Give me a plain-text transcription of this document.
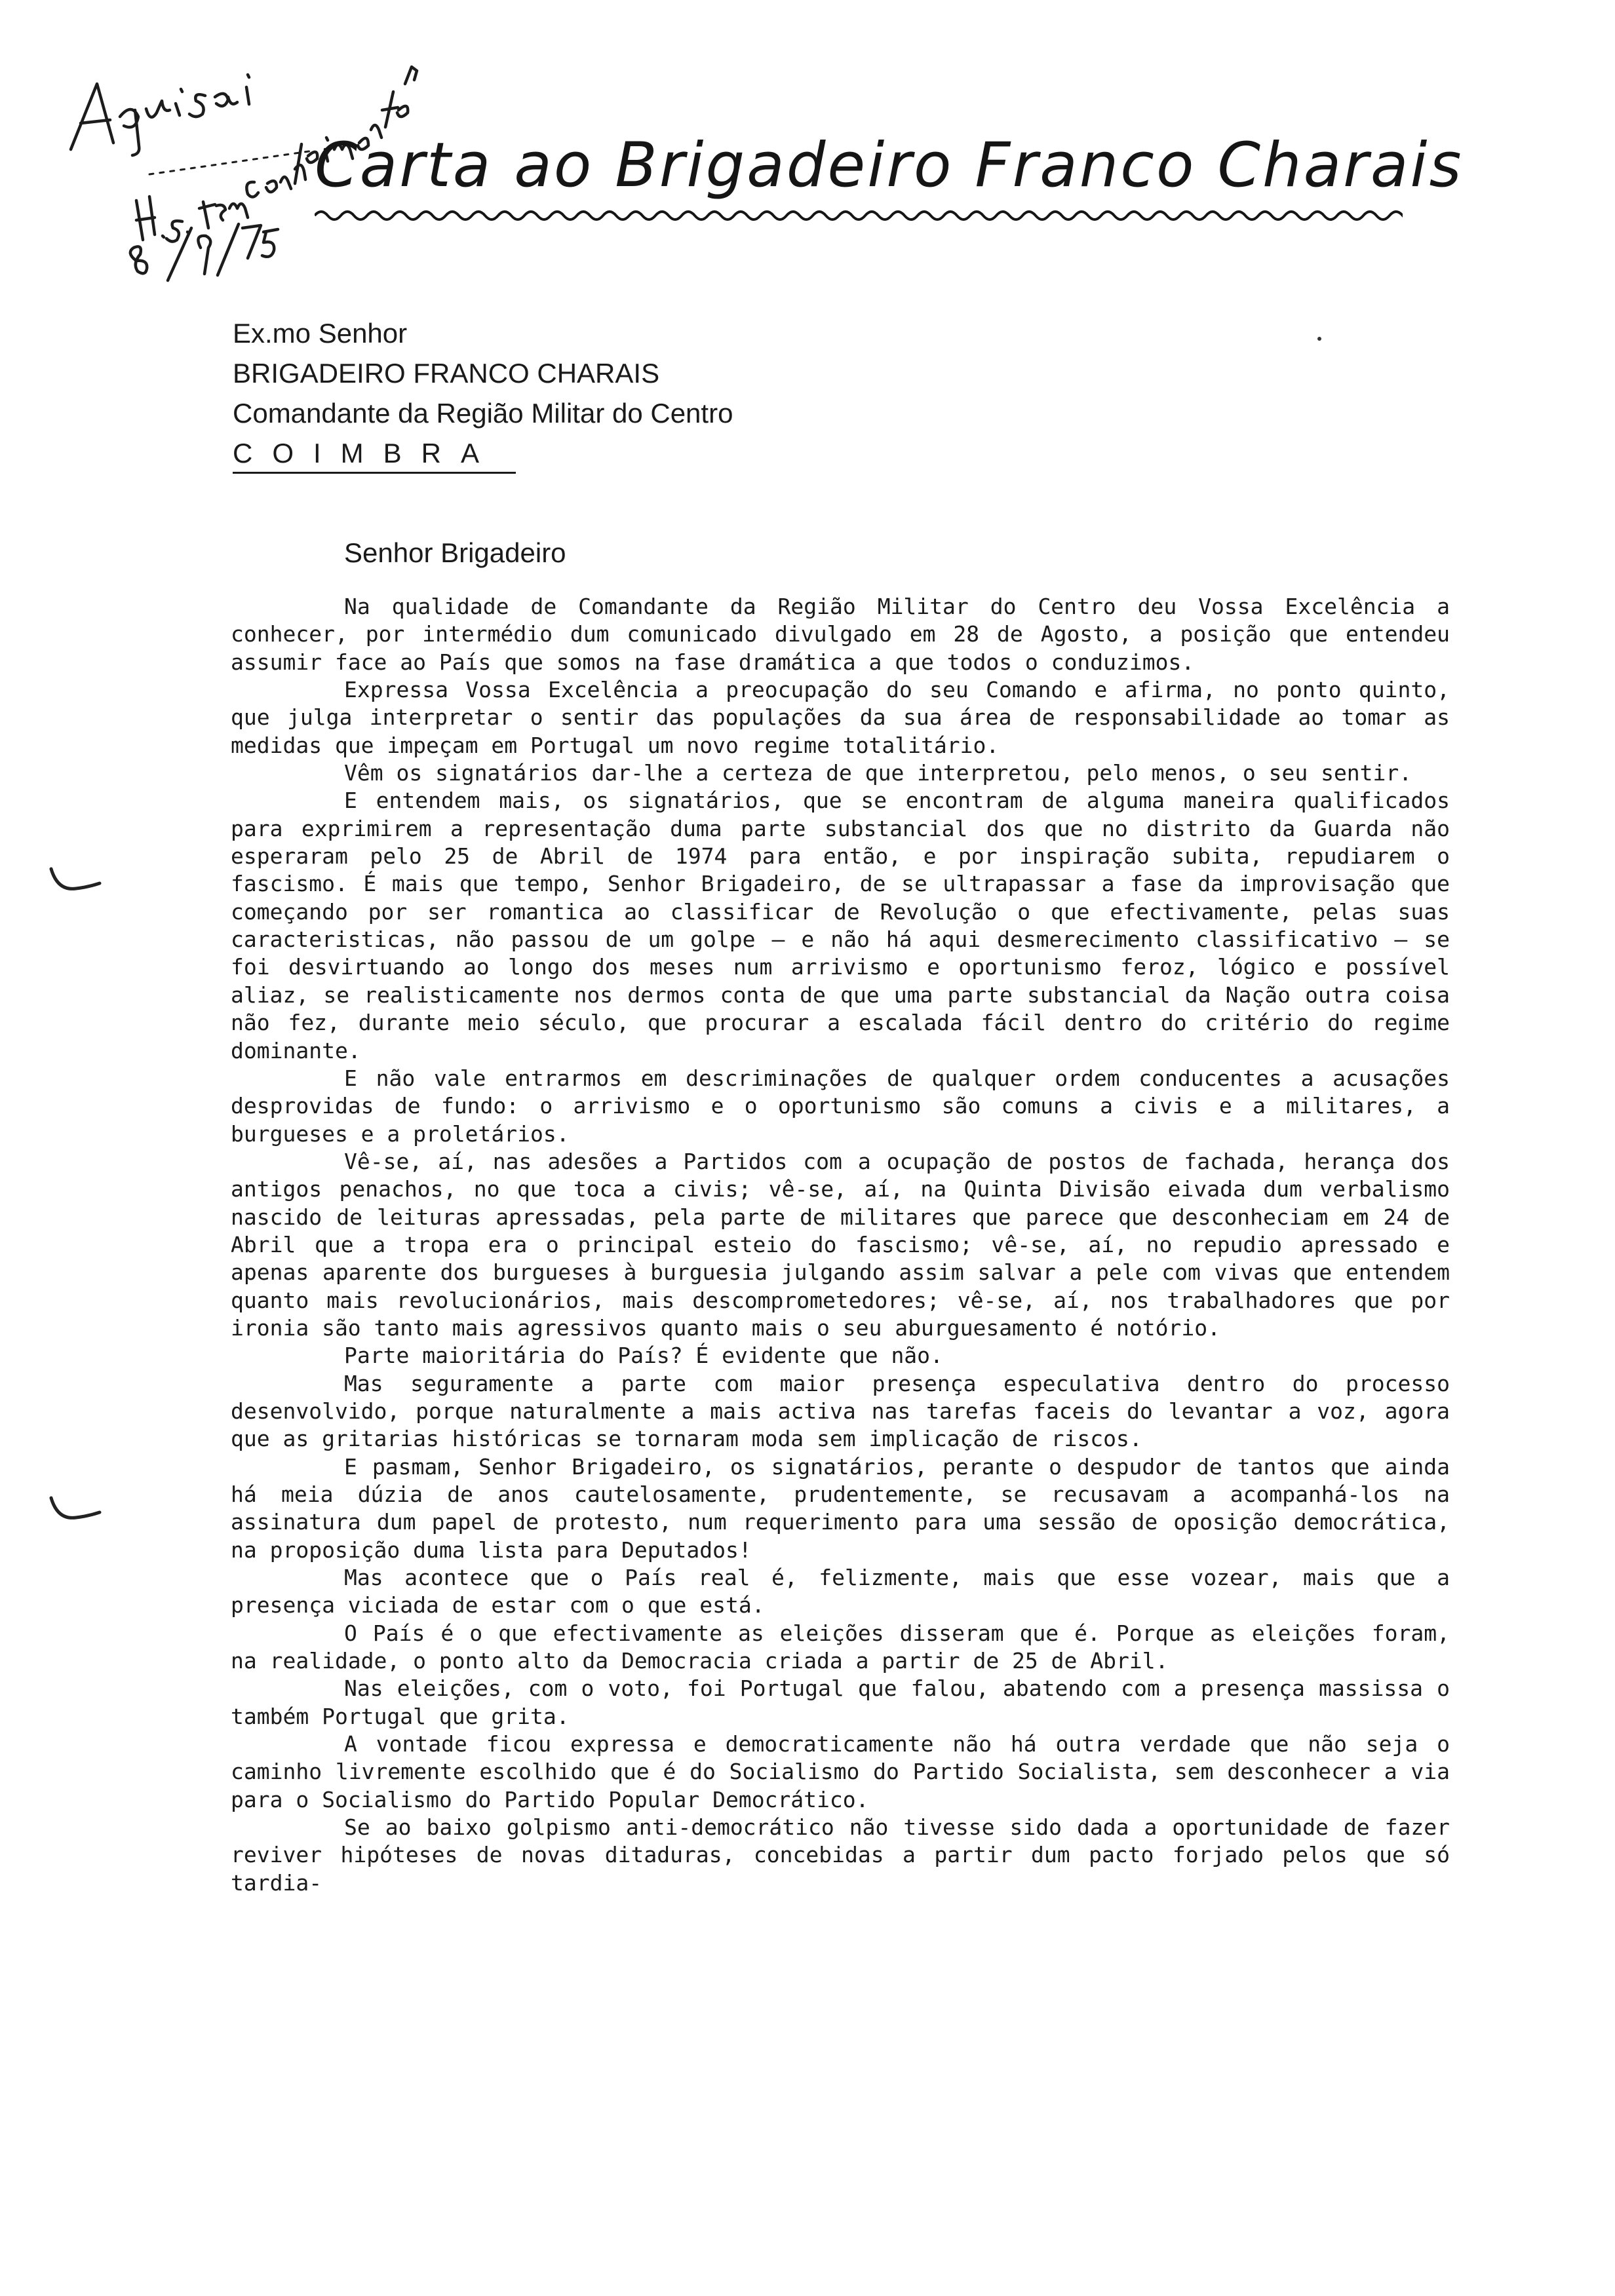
Carta ao Brigadeiro Franco Charais
Ex.mo Senhor
BRIGADEIRO FRANCO CHARAIS
Comandante da Região Militar do Centro
COIMBRA
Senhor Brigadeiro

Na qualidade de Comandante da Região Militar do Centro deu Vossa Excelência a conhecer, por intermédio dum comunicado divulgado em 28 de Agosto, a posição que entendeu assumir face ao País que somos na fase dramática a que todos o conduzimos.

Expressa Vossa Excelência a preocupação do seu Comando e afirma, no ponto quinto, que julga interpretar o sentir das populações da sua área de responsabilidade ao tomar as medidas que impeçam em Portugal um novo regime totalitário.

Vêm os signatários dar-lhe a certeza de que interpretou, pelo menos, o seu sentir.

E entendem mais, os signatários, que se encontram de alguma maneira qualificados para exprimirem a representação duma parte substancial dos que no distrito da Guarda não esperaram pelo 25 de Abril de 1974 para então, e por inspiração subita, repudiarem o fascismo. É mais que tempo, Senhor Brigadeiro, de se ultrapassar a fase da improvisação que começando por ser romantica ao classificar de Revolução o que efectivamente, pelas suas caracteristicas, não passou de um golpe — e não há aqui desmerecimento classificativo — se foi desvirtuando ao longo dos meses num arrivismo e oportunismo feroz, lógico e possível aliaz, se realisticamente nos dermos conta de que uma parte substancial da Nação outra coisa não fez, durante meio século, que procurar a escalada fácil dentro do critério do regime dominante.

E não vale entrarmos em descriminações de qualquer ordem conducentes a acusações desprovidas de fundo: o arrivismo e o oportunismo são comuns a civis e a militares, a burgueses e a proletários.

Vê-se, aí, nas adesões a Partidos com a ocupação de postos de fachada, herança dos antigos penachos, no que toca a civis; vê-se, aí, na Quinta Divisão eivada dum verbalismo nascido de leituras apressadas, pela parte de militares que parece que desconheciam em 24 de Abril que a tropa era o principal esteio do fascismo; vê-se, aí, no repudio apressado e apenas aparente dos burgueses à burguesia julgando assim salvar a pele com vivas que entendem quanto mais revolucionários, mais descomprometedores; vê-se, aí, nos trabalhadores que por ironia são tanto mais agressivos quanto mais o seu aburguesamento é notório.

Parte maioritária do País? É evidente que não.

Mas seguramente a parte com maior presença especulativa dentro do processo desenvolvido, porque naturalmente a mais activa nas tarefas faceis do levantar a voz, agora que as gritarias históricas se tornaram moda sem implicação de riscos.

E pasmam, Senhor Brigadeiro, os signatários, perante o despudor de tantos que ainda há meia dúzia de anos cautelosamente, prudentemente, se recusavam a acompanhá-los na assinatura dum papel de protesto, num requerimento para uma sessão de oposição democrática, na proposição duma lista para Deputados!

Mas acontece que o País real é, felizmente, mais que esse vozear, mais que a presença viciada de estar com o que está.

O País é o que efectivamente as eleições disseram que é. Porque as eleições foram, na realidade, o ponto alto da Democracia criada a partir de 25 de Abril.

Nas eleições, com o voto, foi Portugal que falou, abatendo com a presença massissa o também Portugal que grita.

A vontade ficou expressa e democraticamente não há outra verdade que não seja o caminho livremente escolhido que é do Socialismo do Partido Socialista, sem desconhecer a via para o Socialismo do Partido Popular Democrático.

Se ao baixo golpismo anti-democrático não tivesse sido dada a oportunidade de fazer reviver hipóteses de novas ditaduras, concebidas a partir dum pacto forjado pelos que só tardia-
